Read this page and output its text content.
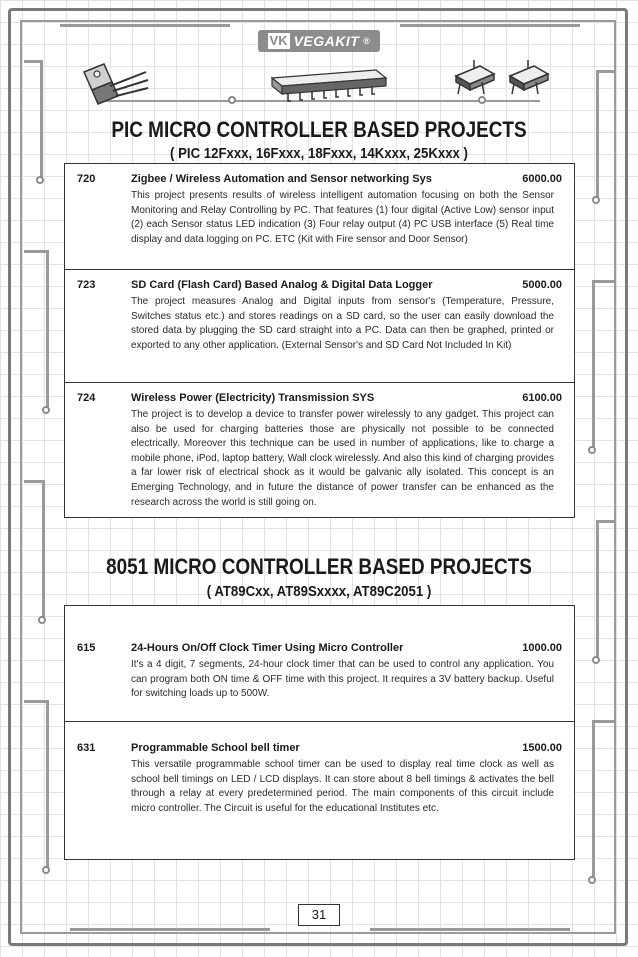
VK VEGAKIT ®
PIC MICRO CONTROLLER BASED PROJECTS
( PIC 12Fxxx, 16Fxxx, 18Fxxx, 14Kxxx, 25Kxxx )
720	Zigbee / Wireless Automation and Sensor networking Sys	6000.00
This project presents results of wireless intelligent automation focusing on both the Sensor Monitoring and Relay Controlling by PC. That features (1) four digital (Active Low) sensor input (2) each Sensor status LED indication (3) Four relay output (4) PC USB interface (5) Real time display and data logging on PC. ETC (Kit with Fire sensor and Door Sensor)
723	SD Card (Flash Card) Based Analog & Digital Data Logger	5000.00
The project measures Analog and Digital inputs from sensor's (Temperature, Pressure, Switches status etc.) and stores readings on a SD card, so the user can easily download the stored data by plugging the SD card straight into a PC. Data can then be graphed, printed or exported to any other application. (External Sensor's and SD Card Not Included In Kit)
724	Wireless Power (Electricity) Transmission SYS	6100.00
The project is to develop a device to transfer power wirelessly to any gadget. This project can also be used for charging batteries those are physically not possible to be connected electrically. Moreover this technique can be used in number of applications, like to charge a mobile phone, iPod, laptop battery, Wall clock wirelessly. And also this kind of charging provides a far lower risk of electrical shock as it would be galvanic ally isolated. This concept is an Emerging Technology, and in future the distance of power transfer can be enhanced as the research across the world is still going on.
8051 MICRO CONTROLLER BASED PROJECTS
( AT89Cxx, AT89Sxxxx, AT89C2051 )
615	24-Hours On/Off Clock Timer Using Micro Controller	1000.00
It's a 4 digit, 7 segments, 24-hour clock timer that can be used to control any application. You can program both ON time & OFF time with this project. It requires a 3V battery backup. Useful for switching loads up to 500W.
631	Programmable School bell timer	1500.00
This versatile programmable school timer can be used to display real time clock as well as school bell timings on LED / LCD displays. It can store about 8 bell timings & activates the bell through a relay at every predetermined period. The main components of this circuit include micro controller. The Circuit is useful for the educational Institutes etc.
31
